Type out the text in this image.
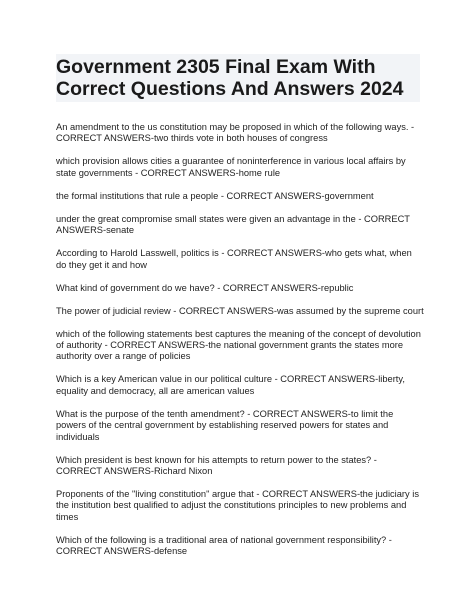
Government 2305 Final Exam With
Correct Questions And Answers 2024

An amendment to the us constitution may be proposed in which of the following ways. - CORRECT ANSWERS-two thirds vote in both houses of congress

which provision allows cities a guarantee of noninterference in various local affairs by state governments - CORRECT ANSWERS-home rule

the formal institutions that rule a people - CORRECT ANSWERS-government

under the great compromise small states were given an advantage in the - CORRECT ANSWERS-senate

According to Harold Lasswell, politics is - CORRECT ANSWERS-who gets what, when do they get it and how

What kind of government do we have? - CORRECT ANSWERS-republic

The power of judicial review - CORRECT ANSWERS-was assumed by the supreme court

which of the following statements best captures the meaning of the concept of devolution of authority - CORRECT ANSWERS-the national government grants the states more authority over a range of policies

Which is a key American value in our political culture - CORRECT ANSWERS-liberty, equality and democracy, all are american values

What is the purpose of the tenth amendment? - CORRECT ANSWERS-to limit the powers of the central government by establishing reserved powers for states and individuals

Which president is best known for his attempts to return power to the states? - CORRECT ANSWERS-Richard Nixon

Proponents of the "living constitution" argue that - CORRECT ANSWERS-the judiciary is the institution best qualified to adjust the constitutions principles to new problems and times

Which of the following is a traditional area of national government responsibility? - CORRECT ANSWERS-defense
